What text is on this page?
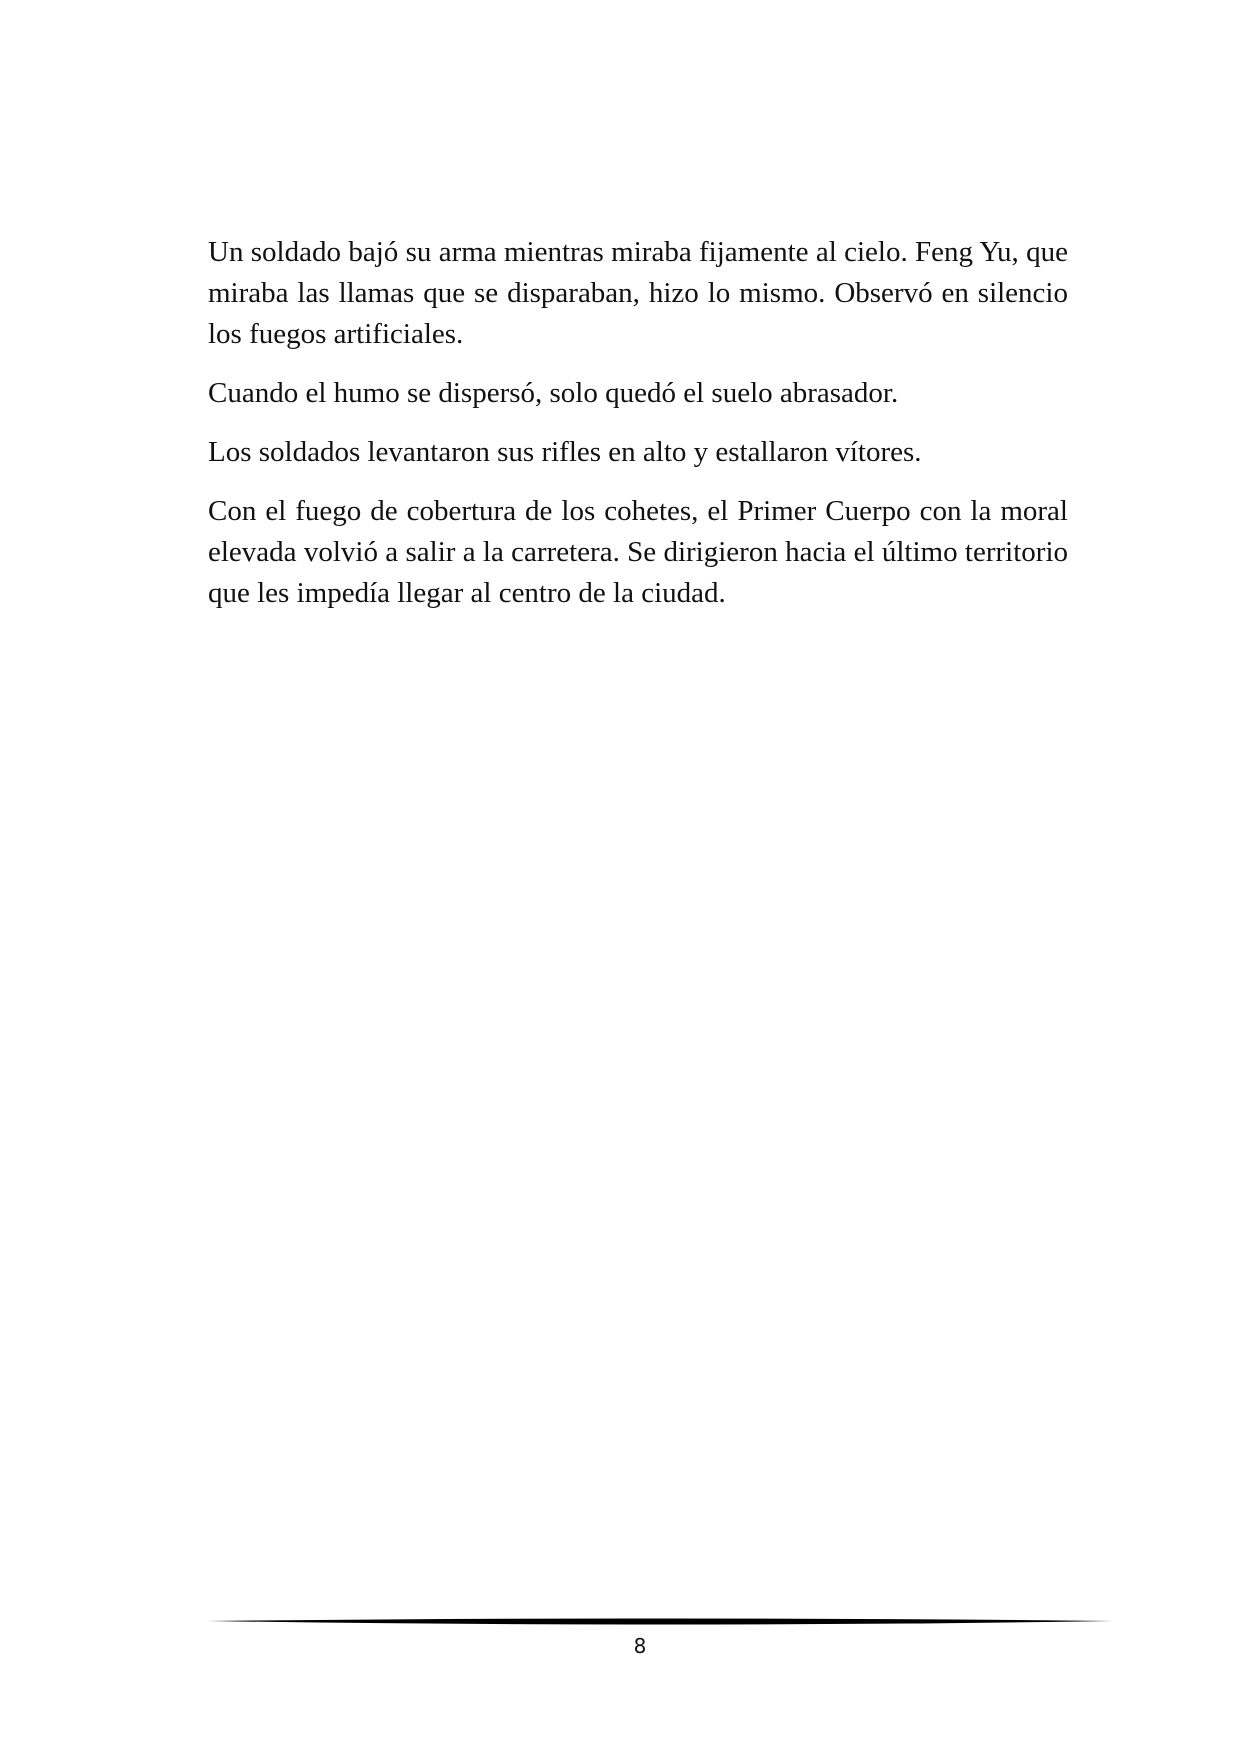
Un soldado bajó su arma mientras miraba fijamente al cielo. Feng Yu, que miraba las llamas que se disparaban, hizo lo mismo. Observó en silencio los fuegos artificiales.

Cuando el humo se dispersó, solo quedó el suelo abrasador.

Los soldados levantaron sus rifles en alto y estallaron vítores.

Con el fuego de cobertura de los cohetes, el Primer Cuerpo con la moral elevada volvió a salir a la carretera. Se dirigieron hacia el último territorio que les impedía llegar al centro de la ciudad.

8
